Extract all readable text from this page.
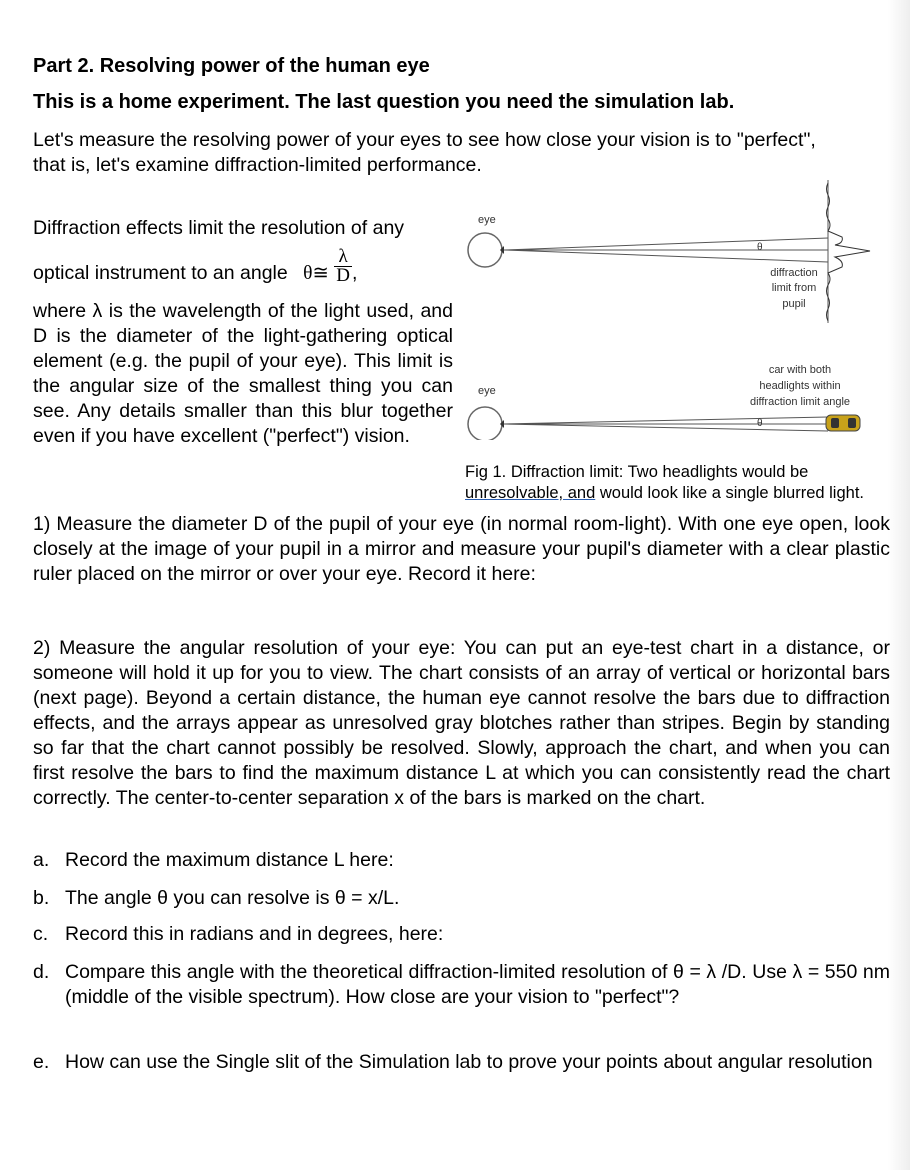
Part 2. Resolving power of the human eye
This is a home experiment. The last question you need the simulation lab.
Let's measure the resolving power of your eyes to see how close your vision is to "perfect", that is, let's examine diffraction-limited performance.
Diffraction effects limit the resolution of any
optical instrument to an angle θ≅ $\frac{\lambda}{D}$ ,
where λ is the wavelength of the light used, and D is the diameter of the light-gathering optical element (e.g. the pupil of your eye). This limit is the angular size of the smallest thing you can see. Any details smaller than this blur together even if you have excellent ("perfect") vision.
eye
θ
diffraction
limit from
pupil
eye
car with both
headlights within
diffraction limit angle
θ
Fig 1. Diffraction limit: Two headlights would be
unresolvable, and would look like a single blurred light.
1) Measure the diameter D of the pupil of your eye (in normal room-light). With one eye open, look closely at the image of your pupil in a mirror and measure your pupil's diameter with a clear plastic ruler placed on the mirror or over your eye. Record it here:
2) Measure the angular resolution of your eye: You can put an eye-test chart in a distance, or someone will hold it up for you to view. The chart consists of an array of vertical or horizontal bars (next page). Beyond a certain distance, the human eye cannot resolve the bars due to diffraction effects, and the arrays appear as unresolved gray blotches rather than stripes. Begin by standing so far that the chart cannot possibly be resolved. Slowly, approach the chart, and when you can first resolve the bars to find the maximum distance L at which you can consistently read the chart correctly. The center-to-center separation x of the bars is marked on the chart.
a. Record the maximum distance L here:
b. The angle θ you can resolve is θ = x/L.
c. Record this in radians and in degrees, here:
d. Compare this angle with the theoretical diffraction-limited resolution of θ = λ /D. Use λ = 550 nm (middle of the visible spectrum). How close are your vision to "perfect"?
e. How can use the Single slit of the Simulation lab to prove your points about angular resolution
